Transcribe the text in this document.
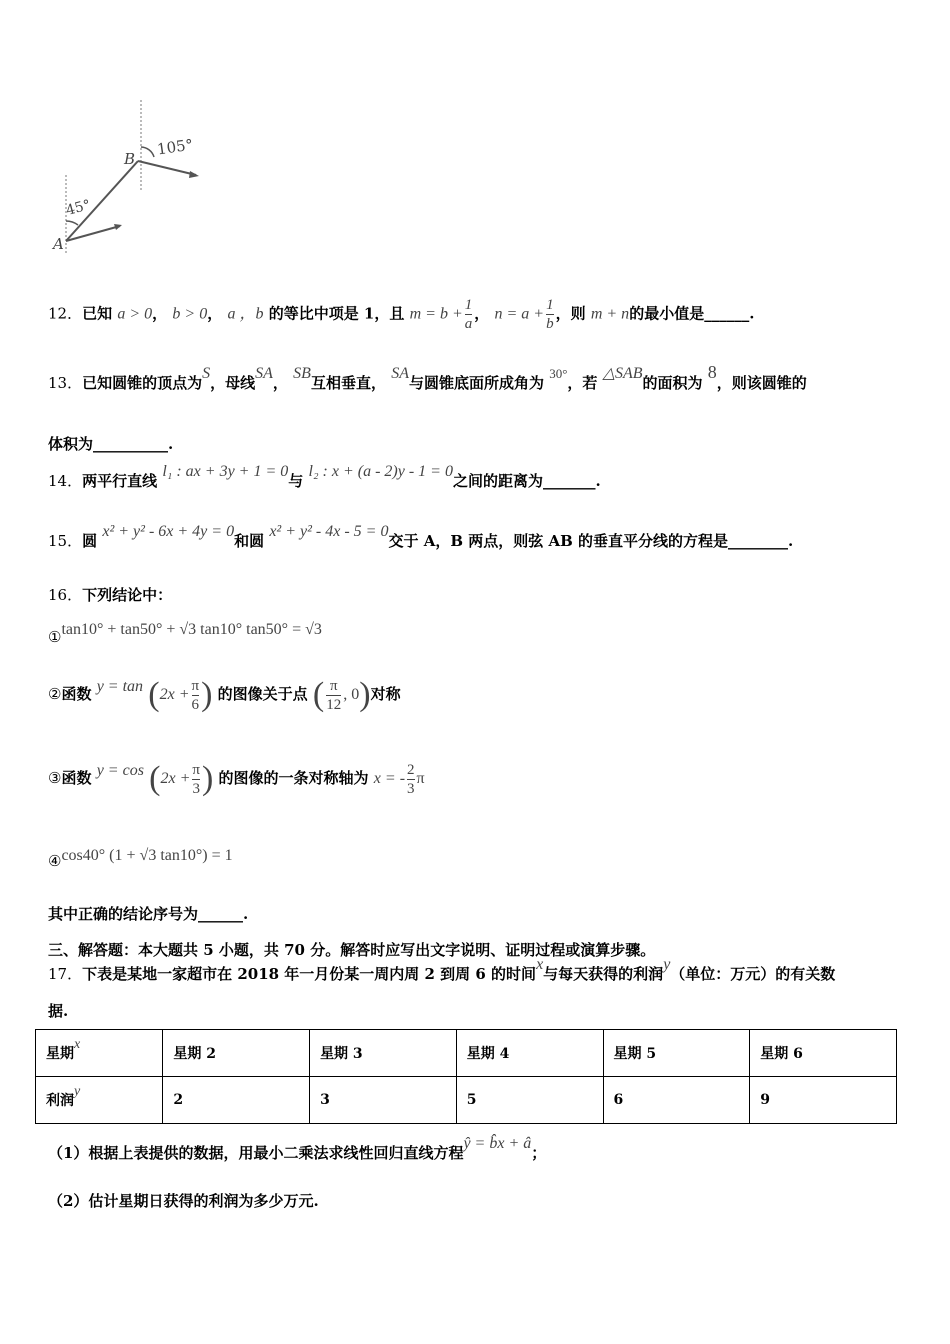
B
A
105°
45°
12．已知 a > 0， b > 0， a ，b 的等比中项是 1，且 $m = b + \frac{1}{a}$ ， $n = a + \frac{1}{b}$ ，则 m + n的最小值是______.
13．已知圆锥的顶点为S，母线SA， SB互相垂直， SA与圆锥底面所成角为 30°，若 △SAB的面积为 8，则该圆锥的
体积为__________.
14．两平行直线 l₁ : ax + 3y + 1 = 0与 l₂ : x + (a - 2)y - 1 = 0之间的距离为_______.
15．圆 x² + y² - 6x + 4y = 0和圆 x² + y² - 4x - 5 = 0交于 A，B 两点，则弦 AB 的垂直平分线的方程是________.
16．下列结论中：
①tan10° + tan50° + √3 tan10° tan50° = √3
②函数 $y = \tan (2x + \frac{\pi}{6}$ ) 的图像关于点 ( $\frac{\pi}{12}$ , 0)对称
③函数 $y = \cos (2x + \frac{\pi}{3}$ ) 的图像的一条对称轴为 x = - $\frac{2}{3}$ π
④cos40° (1 + √3 tan10°) = 1
其中正确的结论序号为______.
三、解答题：本大题共 5 小题，共 70 分。解答时应写出文字说明、证明过程或演算步骤。
17．下表是某地一家超市在 2018 年一月份某一周内周 2 到周 6 的时间x与每天获得的利润y（单位：万元）的有关数
据.
星期x	星期 2	星期 3	星期 4	星期 5	星期 6
利润y	2	3	5	6	9
（1）根据上表提供的数据，用最小二乘法求线性回归直线方程ŷ = b̂x + â；
（2）估计星期日获得的利润为多少万元.
